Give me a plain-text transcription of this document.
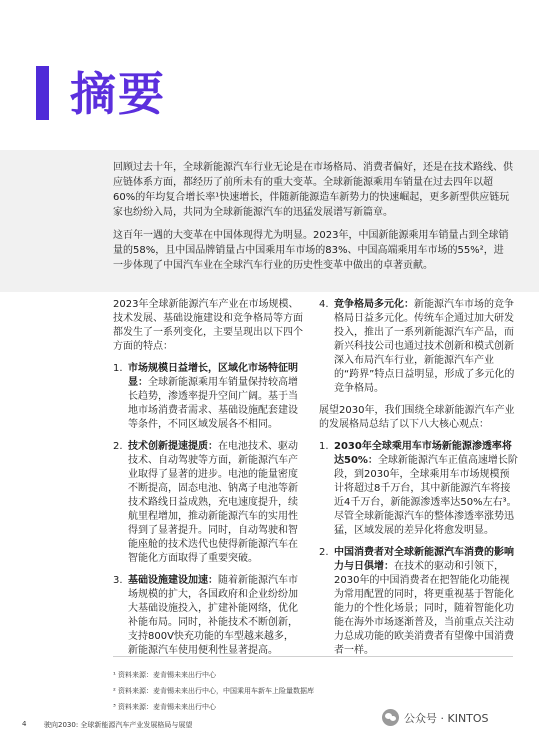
摘要

回顾过去十年，全球新能源汽车行业无论是在市场格局、消费者偏好，还是在技术路线、供应链体系方面，都经历了前所未有的重大变革。全球新能源乘用车销量在过去四年以超60%的年均复合增长率¹快速增长，伴随新能源造车新势力的快速崛起，更多新型供应链玩家也纷纷入局，共同为全球新能源汽车的迅猛发展谱写新篇章。

这百年一遇的大变革在中国体现得尤为明显。2023年，中国新能源乘用车销量占到全球销量的58%，且中国品牌销量占中国乘用车市场的83%、中国高端乘用车市场的55%²，进一步体现了中国汽车业在全球汽车行业的历史性变革中做出的卓著贡献。

2023年全球新能源汽车产业在市场规模、技术发展、基础设施建设和竞争格局等方面都发生了一系列变化，主要呈现出以下四个方面的特点：

1. 市场规模日益增长，区域化市场特征明显：全球新能源乘用车销量保持较高增长趋势，渗透率提升空间广阔。基于当地市场消费者需求、基础设施配套建设等条件，不同区域发展各不相同。
2. 技术创新提速提质：在电池技术、驱动技术、自动驾驶等方面，新能源汽车产业取得了显著的进步。电池的能量密度不断提高，固态电池、钠离子电池等新技术路线日益成熟，充电速度提升，续航里程增加，推动新能源汽车的实用性得到了显著提升。同时，自动驾驶和智能座舱的技术迭代也使得新能源汽车在智能化方面取得了重要突破。
3. 基础设施建设加速：随着新能源汽车市场规模的扩大，各国政府和企业纷纷加大基础设施投入，扩建补能网络，优化补能布局。同时，补能技术不断创新，支持800V快充功能的车型越来越多，新能源汽车使用便利性显著提高。
4. 竞争格局多元化：新能源汽车市场的竞争格局日益多元化。传统车企通过加大研发投入，推出了一系列新能源汽车产品，而新兴科技公司也通过技术创新和模式创新深入布局汽车行业，新能源汽车产业的“跨界”特点日益明显，形成了多元化的竞争格局。

展望2030年，我们围绕全球新能源汽车产业的发展格局总结了以下八大核心观点：

1. 2030年全球乘用车市场新能源渗透率将达50%：全球新能源汽车正值高速增长阶段，到2030年，全球乘用车市场规模预计将超过8千万台，其中新能源汽车将接近4千万台，新能源渗透率达50%左右³。尽管全球新能源汽车的整体渗透率涨势迅猛，区域发展的差异化将愈发明显。
2. 中国消费者对全球新能源汽车消费的影响力与日俱增：在技术的驱动和引领下，2030年的中国消费者在把智能化功能视为常用配置的同时，将更重视基于智能化能力的个性化场景；同时，随着智能化功能在海外市场逐渐普及，当前重点关注动力总成功能的欧美消费者有望像中国消费者一样。
¹ 资料来源：麦肯锡未来出行中心
² 资料来源：麦肯锡未来出行中心，中国乘用车新车上险量数据库
³ 资料来源：麦肯锡未来出行中心
4	驶向2030: 全球新能源汽车产业发展格局与展望
公众号 · KINTOS
